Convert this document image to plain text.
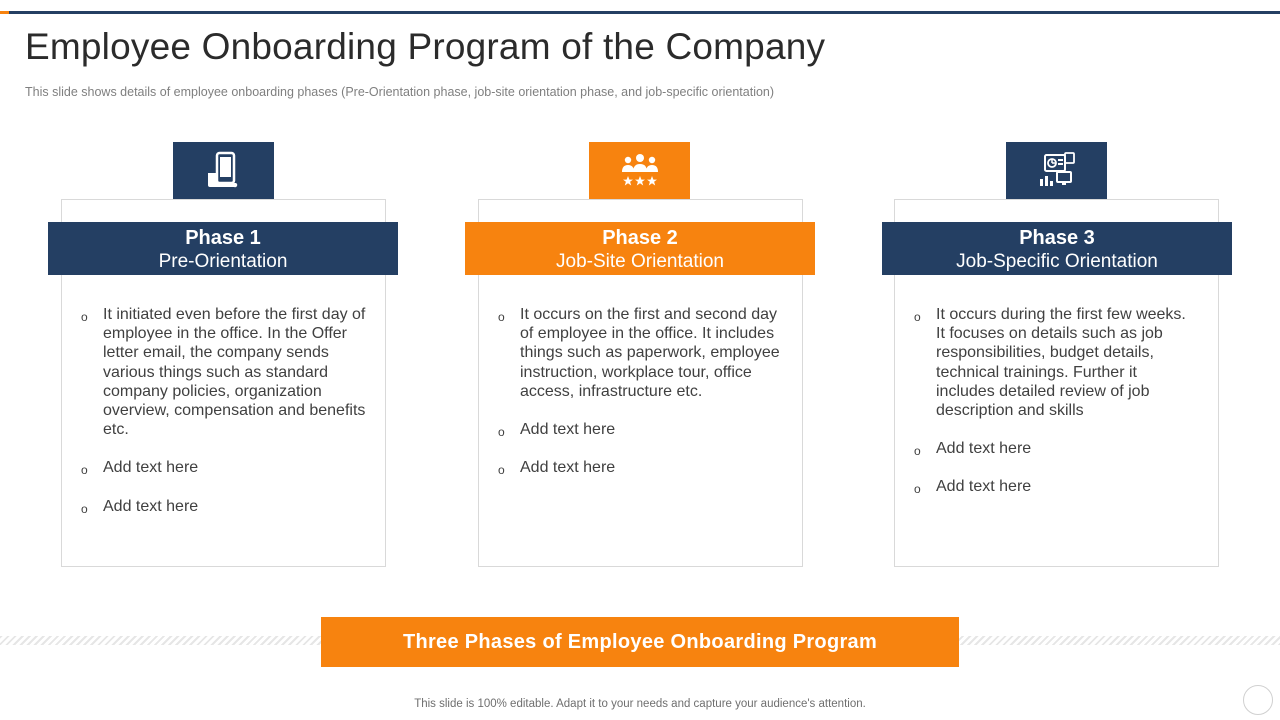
Employee Onboarding Program of the Company

This slide shows details of employee onboarding phases (Pre-Orientation phase, job-site orientation phase, and job-specific orientation)

Phase 1
Pre-Orientation
o It initiated even before the first day of employee in the office. In the Offer letter email, the company sends various things such as standard company policies, organization overview, compensation and benefits etc.
o Add text here
o Add text here
Phase 2
Job-Site Orientation
o It occurs on the first and second day of employee in the office. It includes things such as paperwork, employee instruction, workplace tour, office access, infrastructure etc.
o Add text here
o Add text here
Phase 3
Job-Specific Orientation
o It occurs during the first few weeks. It focuses on details such as job responsibilities, budget details, technical trainings. Further it includes detailed review of job description and skills
o Add text here
o Add text here
Three Phases of Employee Onboarding Program
This slide is 100% editable. Adapt it to your needs and capture your audience's attention.
